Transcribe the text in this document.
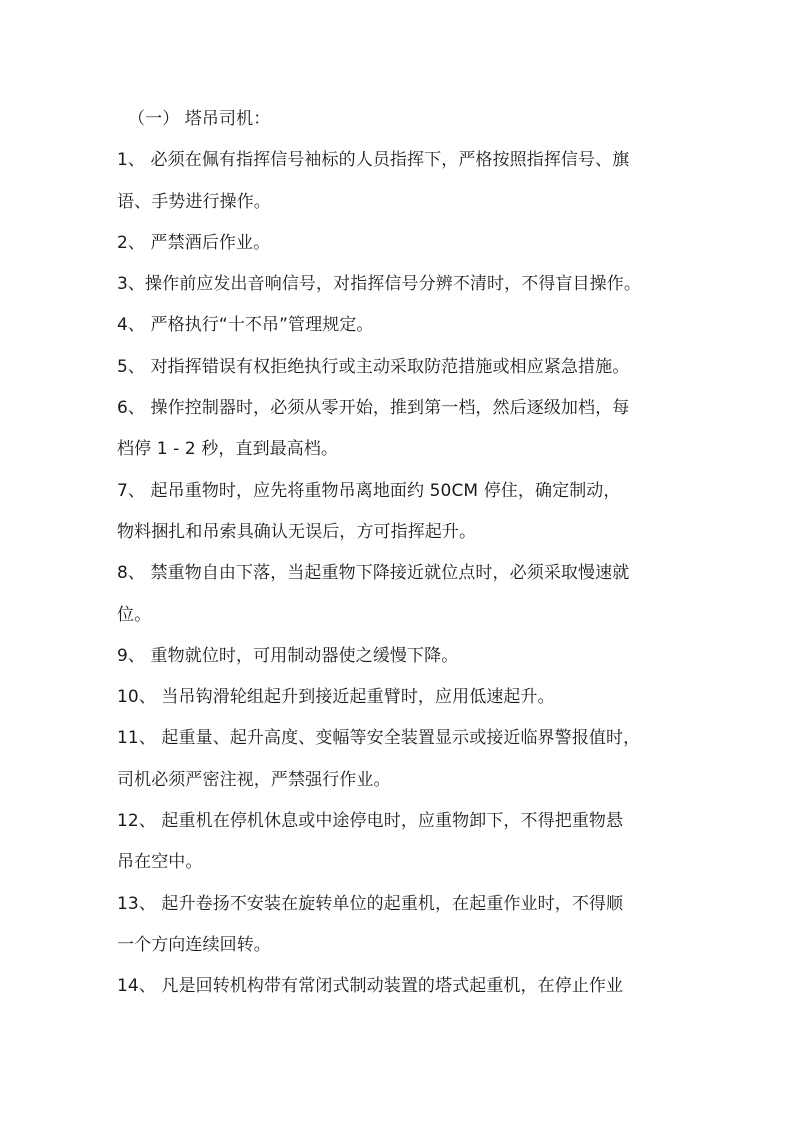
（一） 塔吊司机：
1、 必须在佩有指挥信号袖标的人员指挥下，严格按照指挥信号、旗
语、手势进行操作。
2、 严禁酒后作业。
3、操作前应发出音响信号，对指挥信号分辨不清时，不得盲目操作。
4、 严格执行“十不吊”管理规定。
5、 对指挥错误有权拒绝执行或主动采取防范措施或相应紧急措施。
6、 操作控制器时，必须从零开始，推到第一档，然后逐级加档，每
档停 1 - 2 秒，直到最高档。
7、 起吊重物时，应先将重物吊离地面约 50CM 停住，确定制动，
物料捆扎和吊索具确认无误后，方可指挥起升。
8、 禁重物自由下落，当起重物下降接近就位点时，必须采取慢速就
位。
9、 重物就位时，可用制动器使之缓慢下降。
10、 当吊钩滑轮组起升到接近起重臂时，应用低速起升。
11、 起重量、起升高度、变幅等安全装置显示或接近临界警报值时，
司机必须严密注视，严禁强行作业。
12、 起重机在停机休息或中途停电时，应重物卸下，不得把重物悬
吊在空中。
13、 起升卷扬不安装在旋转单位的起重机，在起重作业时，不得顺
一个方向连续回转。
14、 凡是回转机构带有常闭式制动装置的塔式起重机，在停止作业
